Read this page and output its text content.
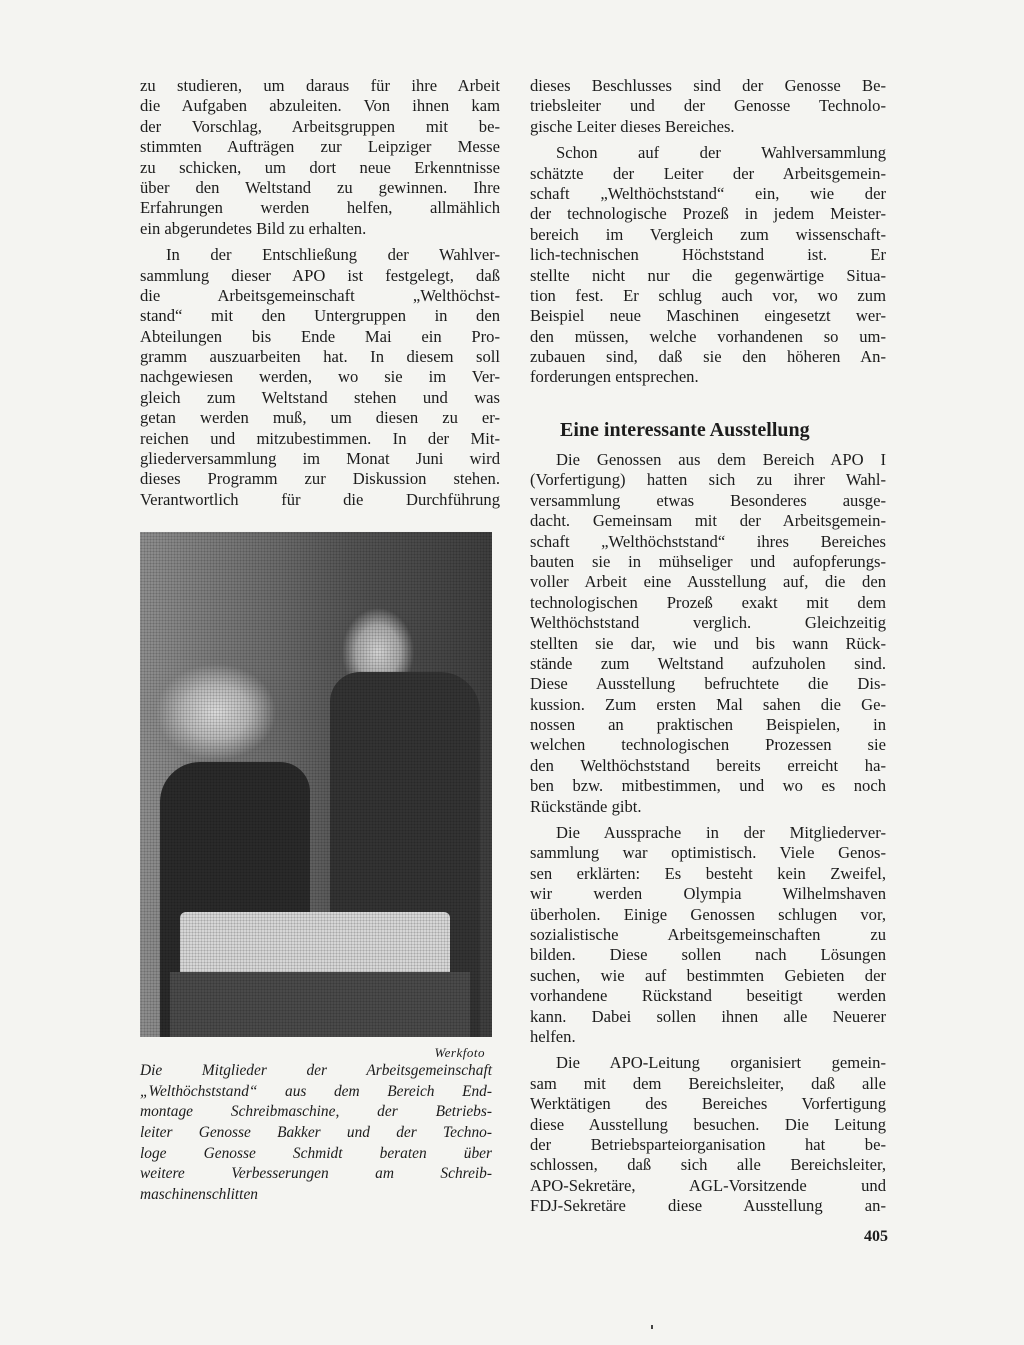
zu studieren, um daraus für ihre Arbeit
die Aufgaben abzuleiten. Von ihnen kam
der Vorschlag, Arbeitsgruppen mit be-
stimmten Aufträgen zur Leipziger Messe
zu schicken, um dort neue Erkenntnisse
über den Weltstand zu gewinnen. Ihre
Erfahrungen werden helfen, allmählich
ein abgerundetes Bild zu erhalten.

In der Entschließung der Wahlver-
sammlung dieser APO ist festgelegt, daß
die Arbeitsgemeinschaft „Welthöchst-
stand“ mit den Untergruppen in den
Abteilungen bis Ende Mai ein Pro-
gramm auszuarbeiten hat. In diesem soll
nachgewiesen werden, wo sie im Ver-
gleich zum Weltstand stehen und was
getan werden muß, um diesen zu er-
reichen und mitzubestimmen. In der Mit-
gliederversammlung im Monat Juni wird
dieses Programm zur Diskussion stehen.
Verantwortlich für die Durchführung

Werkfoto

Die Mitglieder der Arbeitsgemeinschaft
„Welthöchststand“ aus dem Bereich End-
montage Schreibmaschine, der Betriebs-
leiter Genosse Bakker und der Techno-
loge Genosse Schmidt beraten über
weitere Verbesserungen am Schreib-
maschinenschlitten

dieses Beschlusses sind der Genosse Be-
triebsleiter und der Genosse Technolo-
gische Leiter dieses Bereiches.

Schon auf der Wahlversammlung
schätzte der Leiter der Arbeitsgemein-
schaft „Welthöchststand“ ein, wie der
der technologische Prozeß in jedem Meister-
bereich im Vergleich zum wissenschaft-
lich-technischen Höchststand ist. Er
stellte nicht nur die gegenwärtige Situa-
tion fest. Er schlug auch vor, wo zum
Beispiel neue Maschinen eingesetzt wer-
den müssen, welche vorhandenen so um-
zubauen sind, daß sie den höheren An-
forderungen entsprechen.

Eine interessante Ausstellung

Die Genossen aus dem Bereich APO I
(Vorfertigung) hatten sich zu ihrer Wahl-
versammlung etwas Besonderes ausge-
dacht. Gemeinsam mit der Arbeitsgemein-
schaft „Welthöchststand“ ihres Bereiches
bauten sie in mühseliger und aufopferungs-
voller Arbeit eine Ausstellung auf, die den
technologischen Prozeß exakt mit dem
Welthöchststand verglich. Gleichzeitig
stellten sie dar, wie und bis wann Rück-
stände zum Weltstand aufzuholen sind.
Diese Ausstellung befruchtete die Dis-
kussion. Zum ersten Mal sahen die Ge-
nossen an praktischen Beispielen, in
welchen technologischen Prozessen sie
den Welthöchststand bereits erreicht ha-
ben bzw. mitbestimmen, und wo es noch
Rückstände gibt.

Die Aussprache in der Mitgliederver-
sammlung war optimistisch. Viele Genos-
sen erklärten: Es besteht kein Zweifel,
wir werden Olympia Wilhelmshaven
überholen. Einige Genossen schlugen vor,
sozialistische Arbeitsgemeinschaften zu
bilden. Diese sollen nach Lösungen
suchen, wie auf bestimmten Gebieten der
vorhandene Rückstand beseitigt werden
kann. Dabei sollen ihnen alle Neuerer
helfen.

Die APO-Leitung organisiert gemein-
sam mit dem Bereichsleiter, daß alle
Werktätigen des Bereiches Vorfertigung
diese Ausstellung besuchen. Die Leitung
der Betriebsparteiorganisation hat be-
schlossen, daß sich alle Bereichsleiter,
APO-Sekretäre, AGL-Vorsitzende und
FDJ-Sekretäre diese Ausstellung an-

405
